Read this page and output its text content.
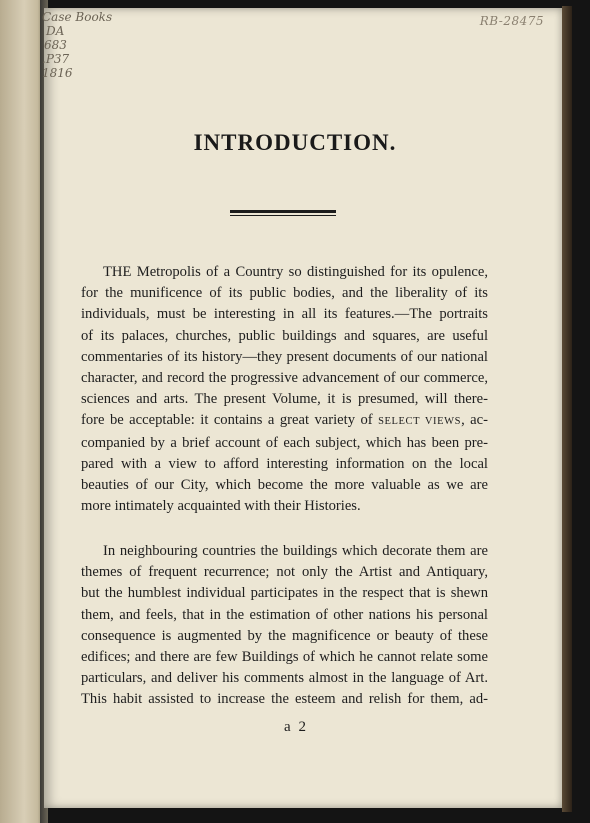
Case Books
DA
683
.P37
1816
RB-28475
INTRODUCTION.
THE Metropolis of a Country so distinguished for its opulence,
for the munificence of its public bodies, and the liberality of its
individuals, must be interesting in all its features.—The portraits
of its palaces, churches, public buildings and squares, are useful
commentaries of its history—they present documents of our national
character, and record the progressive advancement of our commerce,
sciences and arts. The present Volume, it is presumed, will there-
fore be acceptable: it contains a great variety of SELECT VIEWS, ac-
companied by a brief account of each subject, which has been pre-
pared with a view to afford interesting information on the local
beauties of our City, which become the more valuable as we are
more intimately acquainted with their Histories.
In neighbouring countries the buildings which decorate them are
themes of frequent recurrence; not only the Artist and Antiquary,
but the humblest individual participates in the respect that is shewn
them, and feels, that in the estimation of other nations his personal
consequence is augmented by the magnificence or beauty of these
edifices; and there are few Buildings of which he cannot relate some
particulars, and deliver his comments almost in the language of Art.
This habit assisted to increase the esteem and relish for them, ad-
a 2
